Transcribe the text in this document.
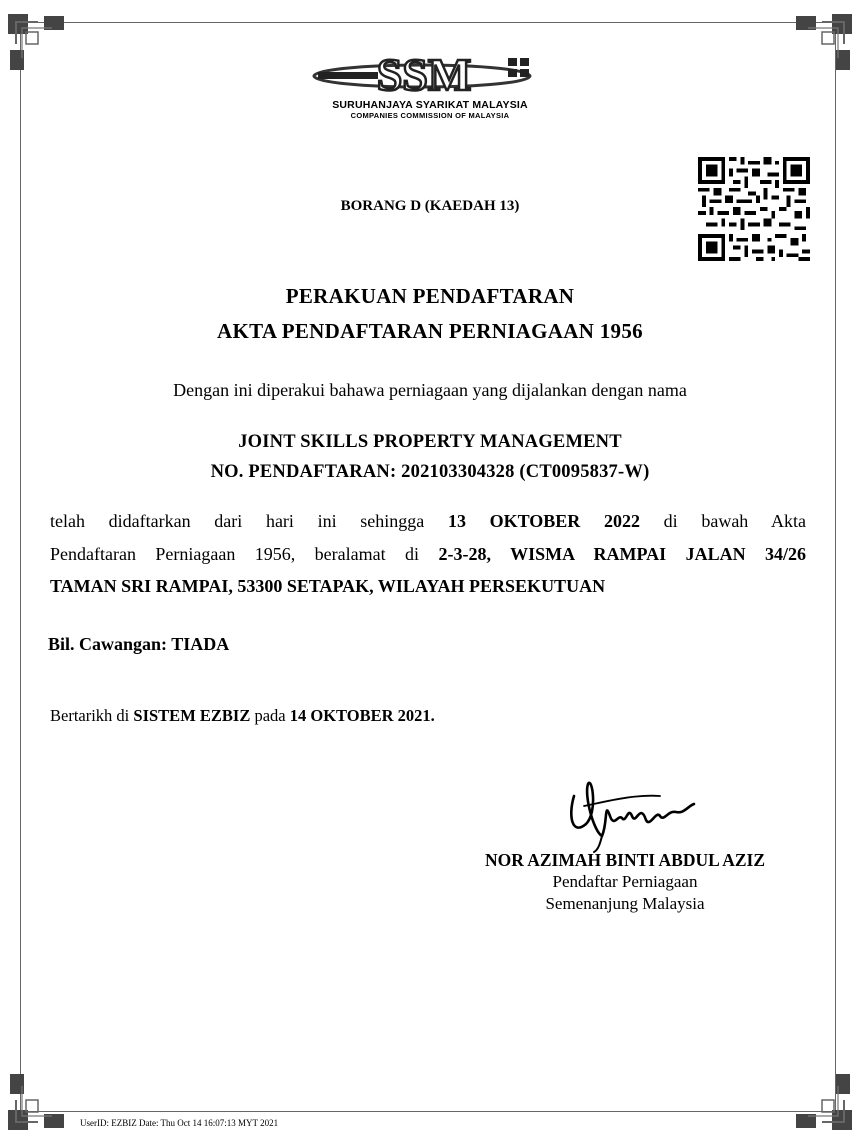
SSM
SURUHANJAYA SYARIKAT MALAYSIA
COMPANIES COMMISSION OF MALAYSIA
BORANG D (KAEDAH 13)
PERAKUAN PENDAFTARAN
AKTA PENDAFTARAN PERNIAGAAN 1956
Dengan ini diperakui bahawa perniagaan yang dijalankan dengan nama
JOINT SKILLS PROPERTY MANAGEMENT
NO. PENDAFTARAN: 202103304328 (CT0095837-W)
telah didaftarkan dari hari ini sehingga 13 OKTOBER 2022 di bawah Akta
Pendaftaran Perniagaan 1956, beralamat di 2-3-28, WISMA RAMPAI JALAN 34/26
TAMAN SRI RAMPAI, 53300 SETAPAK, WILAYAH PERSEKUTUAN
Bil. Cawangan: TIADA
Bertarikh di SISTEM EZBIZ pada 14 OKTOBER 2021.
NOR AZIMAH BINTI ABDUL AZIZ
Pendaftar Perniagaan
Semenanjung Malaysia
UserID: EZBIZ Date: Thu Oct 14 16:07:13 MYT 2021
